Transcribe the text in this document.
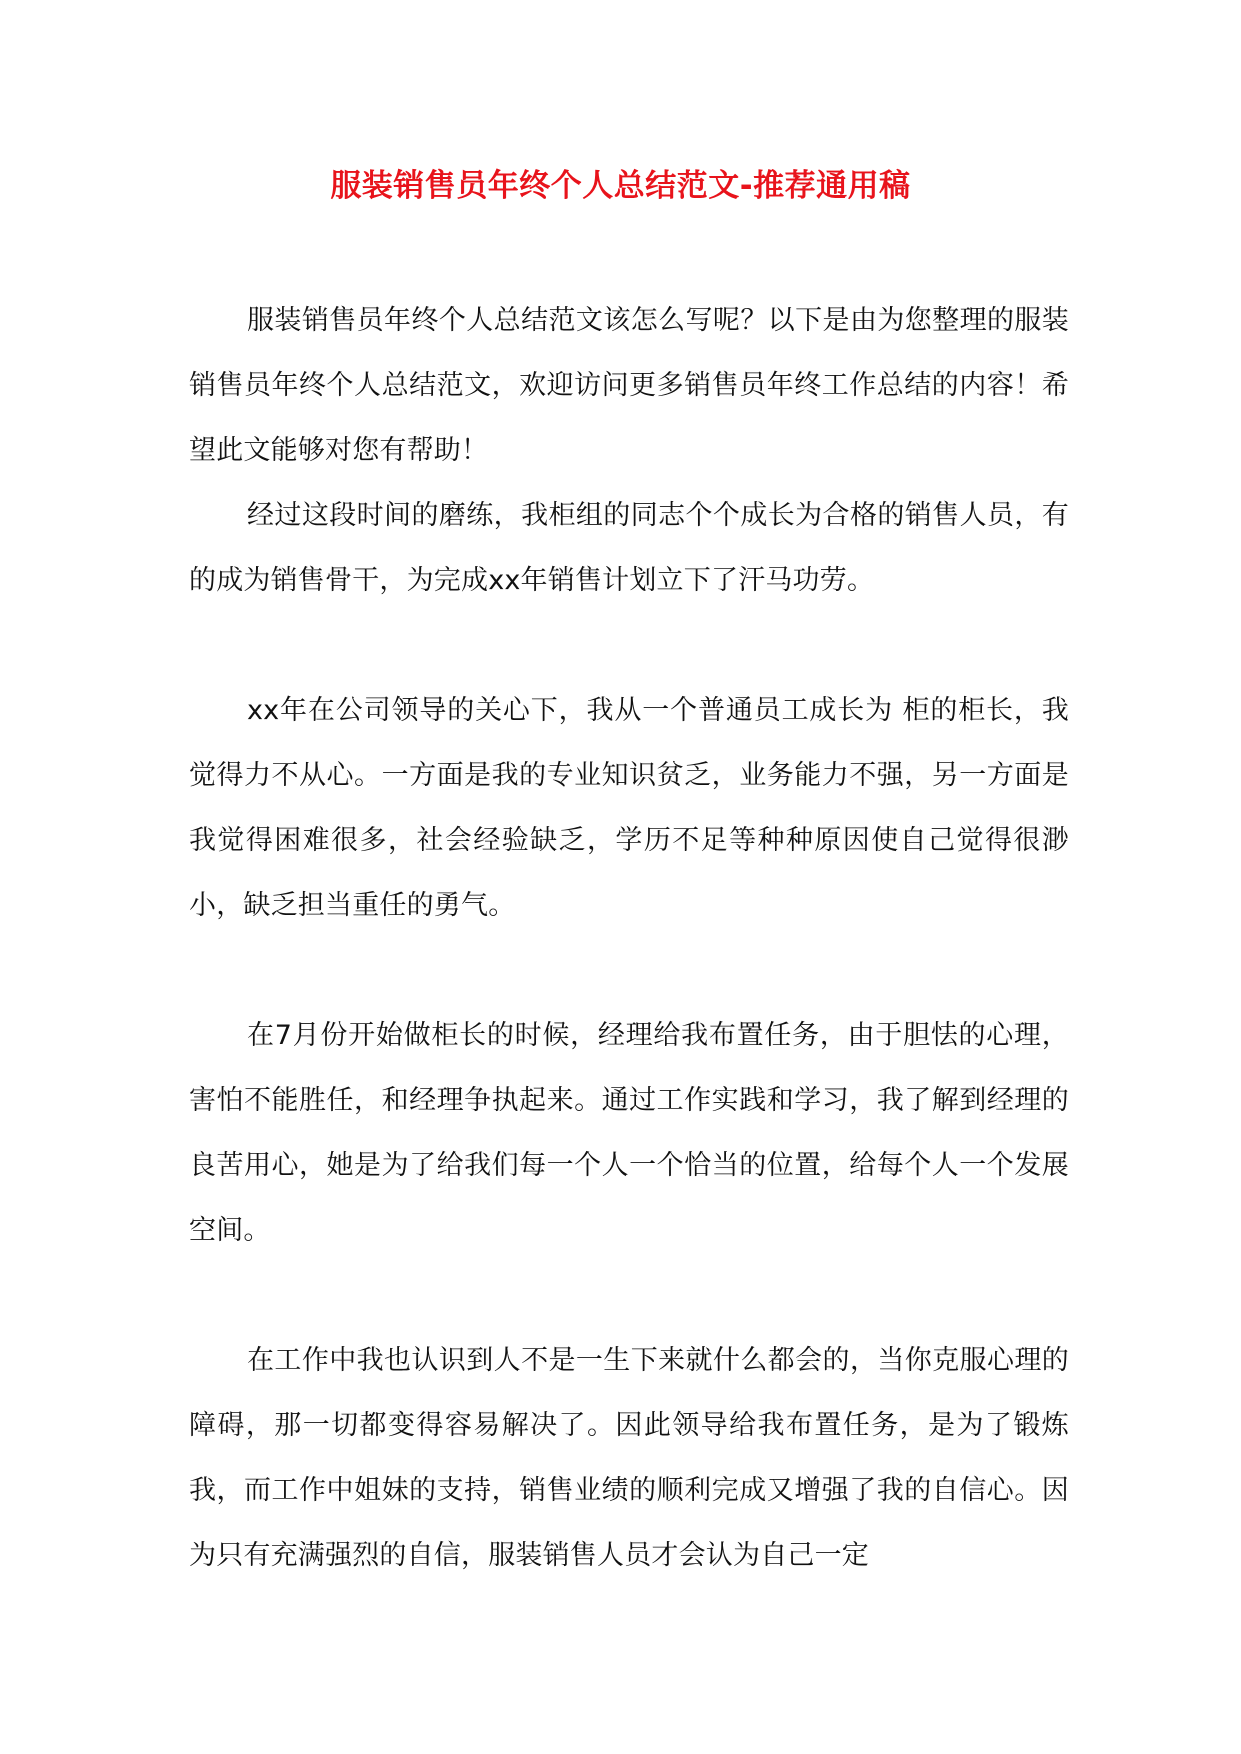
服装销售员年终个人总结范文-推荐通用稿

服装销售员年终个人总结范文该怎么写呢？以下是由为您整理的服装销售员年终个人总结范文，欢迎访问更多销售员年终工作总结的内容！希望此文能够对您有帮助！

经过这段时间的磨练，我柜组的同志个个成长为合格的销售人员，有的成为销售骨干，为完成xx年销售计划立下了汗马功劳。

xx年在公司领导的关心下，我从一个普通员工成长为 柜的柜长，我觉得力不从心。一方面是我的专业知识贫乏，业务能力不强，另一方面是我觉得困难很多，社会经验缺乏，学历不足等种种原因使自己觉得很渺小，缺乏担当重任的勇气。

在7月份开始做柜长的时候，经理给我布置任务，由于胆怯的心理，害怕不能胜任，和经理争执起来。通过工作实践和学习，我了解到经理的良苦用心，她是为了给我们每一个人一个恰当的位置，给每个人一个发展空间。

在工作中我也认识到人不是一生下来就什么都会的，当你克服心理的障碍，那一切都变得容易解决了。因此领导给我布置任务，是为了锻炼我，而工作中姐妹的支持，销售业绩的顺利完成又增强了我的自信心。因为只有充满强烈的自信，服装销售人员才会认为自己一定
